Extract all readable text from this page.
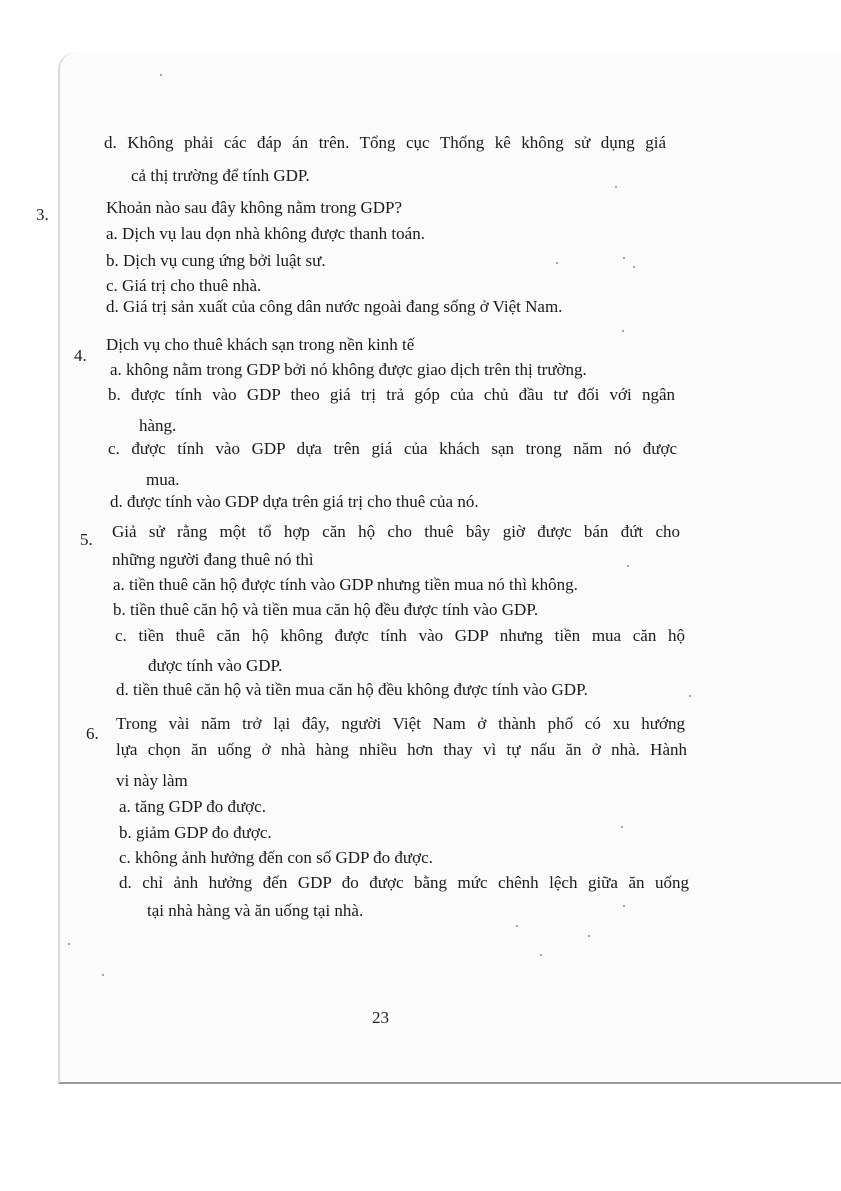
d. Không phải các đáp án trên. Tổng cục Thống kê không sử dụng giá
cả thị trường để tính GDP.
3.	Khoản nào sau đây không nằm trong GDP?
a. Dịch vụ lau dọn nhà không được thanh toán.
b. Dịch vụ cung ứng bởi luật sư.
c. Giá trị cho thuê nhà.
d. Giá trị sản xuất của công dân nước ngoài đang sống ở Việt Nam.
4.
Dịch vụ cho thuê khách sạn trong nền kinh tế
a. không nằm trong GDP bởi nó không được giao dịch trên thị trường.
b. được tính vào GDP theo giá trị trả góp của chủ đầu tư đối với ngân
hàng.
c. được tính vào GDP dựa trên giá của khách sạn trong năm nó được
mua.
d. được tính vào GDP dựa trên giá trị cho thuê của nó.
5. Giả sử rằng một tổ hợp căn hộ cho thuê bây giờ được bán đứt cho
những người đang thuê nó thì
a. tiền thuê căn hộ được tính vào GDP nhưng tiền mua nó thì không.
b. tiền thuê căn hộ và tiền mua căn hộ đều được tính vào GDP.
c. tiền thuê căn hộ không được tính vào GDP nhưng tiền mua căn hộ
được tính vào GDP.
d. tiền thuê căn hộ và tiền mua căn hộ đều không được tính vào GDP.
6.
Trong vài năm trở lại đây, người Việt Nam ở thành phố có xu hướng
lựa chọn ăn uống ở nhà hàng nhiều hơn thay vì tự nấu ăn ở nhà. Hành
vi này làm
a. tăng GDP đo được.
b. giảm GDP đo được.
c. không ảnh hưởng đến con số GDP đo được.
d. chỉ ảnh hưởng đến GDP đo được bằng mức chênh lệch giữa ăn uống
tại nhà hàng và ăn uống tại nhà.
23
